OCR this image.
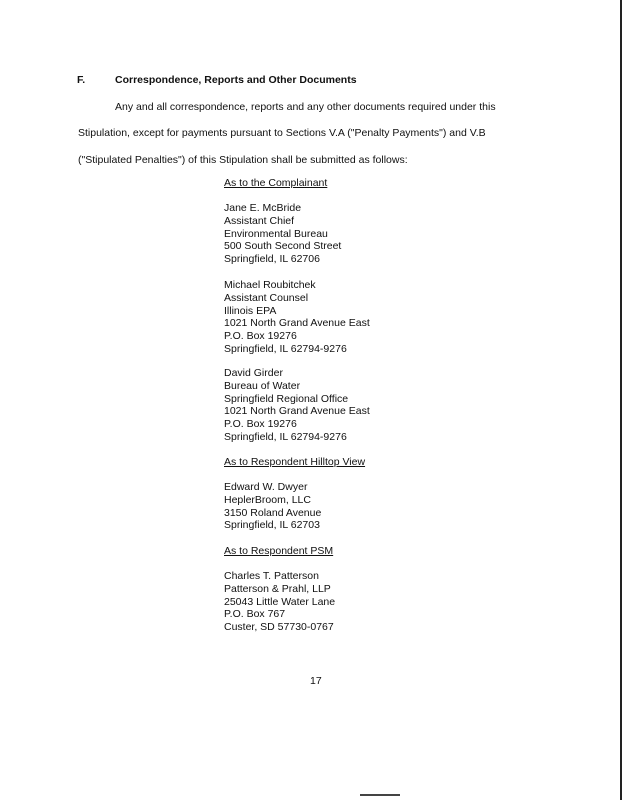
F.	Correspondence, Reports and Other Documents
Any and all correspondence, reports and any other documents required under this
Stipulation, except for payments pursuant to Sections V.A ("Penalty Payments") and V.B
("Stipulated Penalties") of this Stipulation shall be submitted as follows:
As to the Complainant
Jane E. McBride
Assistant Chief
Environmental Bureau
500 South Second Street
Springfield, IL 62706
Michael Roubitchek
Assistant Counsel
Illinois EPA
1021 North Grand Avenue East
P.O. Box 19276
Springfield, IL 62794-9276
David Girder
Bureau of Water
Springfield Regional Office
1021 North Grand Avenue East
P.O. Box 19276
Springfield, IL 62794-9276
As to Respondent Hilltop View
Edward W. Dwyer
HeplerBroom, LLC
3150 Roland Avenue
Springfield, IL 62703
As to Respondent PSM
Charles T. Patterson
Patterson & Prahl, LLP
25043 Little Water Lane
P.O. Box 767
Custer, SD 57730-0767
17
